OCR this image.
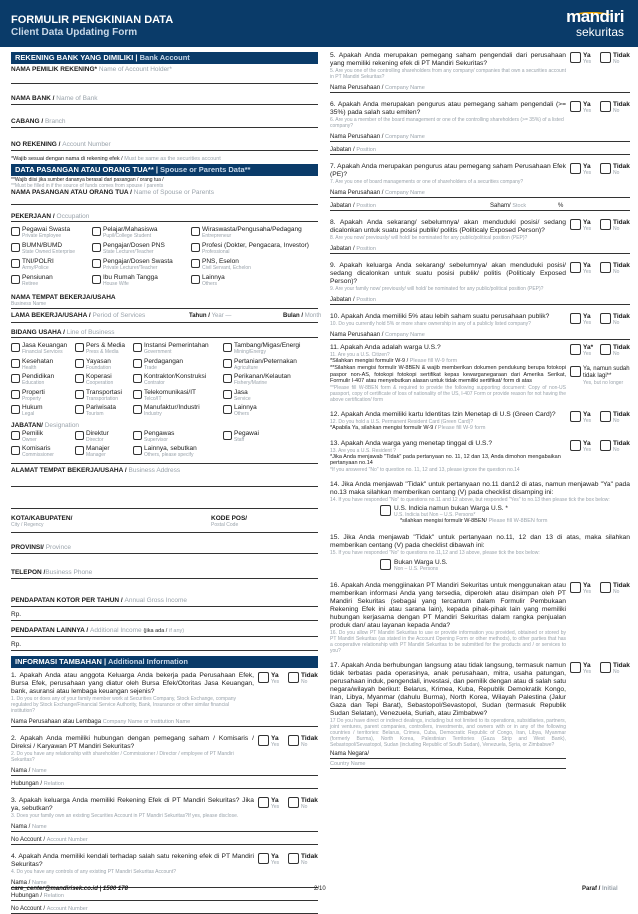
FORMULIR PENGKINIAN DATA
Client Data Updating Form
mandiri
sekuritas
REKENING BANK YANG DIMILIKI | Bank Account
NAMA PEMILIK REKENING* Name of Account Holder*
NAMA BANK / Name of Bank
CABANG / Branch
NO REKENING / Account Number
*Wajib sesuai dengan nama di rekening efek / Must be same as the securities account
DATA PASANGAN ATAU ORANG TUA** | Spouse or Parents Data**
**Wajib diisi jika sumber dananya berasal dari pasangan / orang tua /
**Must be filled in if the source of funds comes from spouse / parents
NAMA PASANGAN ATAU ORANG TUA / Name of Spouse or Parents
PEKERJAAN / Occupation
Pegawai Swasta
Private Employee
BUMN/BUMD
State Owned Enterprise
TNI/POLRI
Army/Police
Pensiunan
Retiree
Pelajar/Mahasiswa
Pupil/College Student
Pengajar/Dosen PNS
State Lecturer/Teacher
Pengajar/Dosen Swasta
Private Lecturer/Teacher
Ibu Rumah Tangga
House Wife
Wiraswasta/Pengusaha/Pedagang
Entrepreneur
Profesi (Dokter, Pengacara, Investor)
Professional
PNS, Eselon
Civil Servant, Echelon
Lainnya
Others
NAMA TEMPAT BEKERJA/USAHA
Business Name
LAMA BEKERJA/USAHA / Period of Services	Tahun / Year —	Bulan / Month
BIDANG USAHA / Line of Business
Jasa Keuangan
Financial Services
Kesehatan
Health
Pendidikan
Education
Properti
Property
Hukum
Legal
Pers & Media
Press & Media
Yayasan
Foundation
Koperasi
Cooperation
Transportasi
Transportation
Pariwisata
Tourism
Instansi Pemerintahan
Government
Perdagangan
Trade
Kontraktor/Konstruksi
Contrator
Telekomunikasi/IT
Telco/IT
Manufaktur/Industri
Industry
Tambang/Migas/Energi
Mining/Energy
Pertanian/Peternakan
Agriculture
Perikanan/Kelautan
Fishery/Marine
Jasa
Service
Lainnya
Others
JABATAN/ Designation
Pemilik
Owner
Komisaris
Commissioner
Direktur
Director
Manajer
Manager
Pengawas
Supervisor
Lainnya, sebutkan
Others, please specify
Pegawai
Staff
ALAMAT TEMPAT BEKERJA/USAHA / Business Address
KOTA/KABUPATEN/
City / Regency
KODE POS/
Postal Code
PROVINSI/ Province
TELEPON /Business Phone
PENDAPATAN KOTOR PER TAHUN / Annual Gross Income
Rp.
PENDAPATAN LAINNYA / Additional Income (jika ada / if any)
Rp.
INFORMASI TAMBAHAN | Additional Information
1. Apakah Anda atau anggota Keluarga Anda bekerja pada Perusahaan Efek, Bursa Efek, perusahaan yang diatur oleh Bursa Efek/Otoritas Jasa Keuangan, bank, asuransi atau lembaga keuangan sejenis?
1. Do you or does any of your family member work at Securities Company, Stock Exchange, company regulated by Stock Exchange/Financial Service Authority, Bank, Insurance or other similar financial institution?
Ya
Yes
Tidak
No
Nama Perusahaan atau Lembaga Company Name or Institution Name
2. Apakah Anda memiliki hubungan dengan pemegang saham / Komisaris / Direksi / Karyawan PT Mandiri Sekuritas?
2. Do you have any relationship with shareholder / Commissioner / Director / employee of PT Mandiri Sekuritas?
Ya
Yes
Tidak
No
Nama / Name
Hubungan / Relation
3. Apakah keluarga Anda memiliki Rekening Efek di PT Mandiri Sekuritas? Jika ya, sebutkan?
3. Does your family own an existing Securities Account in PT Mandiri Sekuritas?If yes, please disclose.
Ya
Yes
Tidak
No
Nama / Name
No Account / Account Number
4. Apakah Anda memiliki kendali terhadap salah satu rekening efek di PT Mandiri Sekuritas?
4. Do you have any controls of any existing PT Mandiri Sekuritas Account?
Ya
Yes
Tidak
No
Nama / Name
Hubungan / Relation
No Account / Account Number
5. Apakah Anda merupakan pemegang saham pengendali dari perusahaan yang memiliki rekening efek di PT Mandiri Sekuritas?
5. Are you one of the controlling shareholders from any company/ companies that own a securities account in PT Mandiri Sekuritas?
Ya
Yes
Tidak
No
Nama Perusahaan / Company Name
6. Apakah Anda merupakan pengurus atau pemegang saham pengendali (>= 35%) pada salah satu emiten?
6. Are you a member of the board management or one of the controlling shareholders (>= 35%) of a listed company?
Ya
Yes
Tidak
No
Nama Perusahaan / Company Name
Jabatan / Position
7. Apakah Anda merupakan pengurus atau pemegang saham Perusahaan Efek (PE)?
7. Are you one of board managements or one of shareholders of a securities company?
Ya
Yes
Tidak
No
Nama Perusahaan / Company Name
Jabatan / Position	Saham/ Stock	%
8. Apakah Anda sekarang/ sebelumnya/ akan menduduki posisi/ sedang dicalonkan untuk suatu posisi publik/ politis (Politicaly Exposed Person)?
8. Are you now/ previously/ will hold/ be nominated for any public/political position (PEP)?
Ya
Yes
Tidak
No
Jabatan / Position
9. Apakah keluarga Anda sekarang/ sebelumnya/ akan menduduki posisi/ sedang dicalonkan untuk suatu posisi publik/ politis (Politicaly Exposed Person)?
9. Are your family now/ previously/ will hold/ be nominated for any public/political position (PEP)?
Ya
Yes
Tidak
No
Jabatan / Position
10. Apakah Anda memiliki 5% atau lebih saham suatu perusahaan publik?
10. Do you currently hold 5% or more share ownership in any of a publicly listed company?
Ya
Yes
Tidak
No
Nama Perusahaan / Company Name
11. Apakah Anda adalah warga U.S.?
11. Are you a U.S. Citizen?
*Silahkan mengisi formulir W-9 / Please fill W-9 form
**Silahkan mengisi formulir W-8BEN & wajib memberikan dokumen pendukung berupa fotokopi paspor non-AS, fotokopi fotokopi sertifikat kepas kewarganegaraan dari Amerika Serikat, Formulir I-407 atau menyebutkan alasan untuk tidak memiliki sertifikat/ form di atas
**Please fill W-8BEN form & required to provide the following supporting document: Copy of non-US passport, copy of certificate of loss of nationality of the US, I-407 Form or provide reason for not having the above certification/ form
Ya*
Yes
Tidak
No
Ya, namun sudah tidak lagi**
Yes, but no longer
12. Apakah Anda memiliki kartu Identitas Izin Menetap di U.S (Green Card)?
12. Do you hold a U.S. Permanent Resident Card (Green Card)?
*Apabila Ya, silahkan mengisi formulir W-9 / Please fill W-9 form
Ya
Yes
Tidak
No
13. Apakah Anda warga yang menetap tinggal di U.S.?
13. Are you a U.S. Resident ?
*Jika Anda menjawab "Tidak" pada pertanyaan no. 11, 12 dan 13, Anda dimohon mengabaikan pertanyaan no.14
*If you answered "No" to question no. 11, 12 and 13, please ignore the question no.14
Ya
Yes
Tidak
No
14. Jika Anda menjawab "Tidak" untuk pertanyaan no.11 dan12 di atas, namun menjawab "Ya" pada no.13 maka silahkan memberikan centang (V) pada checklist disamping ini:
14. If you have responded "No" to questions no.11 and 12 above, but responded "Yes" to no.13 then please tick the box below:
U.S. Indicia namun bukan Warga U.S. *
U.S. Indicia but Non – U.S. Persons*
*silahkan mengisi formulir W-8BEN/ Please fill W-8BEN form
15. Jika Anda menjawab "Tidak" untuk pertanyaan no.11, 12 dan 13 di atas, maka silahkan memberikan centang (V) pada checklist dibawah ini:
15. If you have responded "No" to questions no.11,12 and 13 above, please tick the box below:
Bukan Warga U.S.
Non – U.S. Persons
16. Apakah Anda menggiinakan PT Mandiri Sekuritas untuk menggunakan atau memberikan informasi Anda yang tersedia, diperoleh atau disimpan oleh PT Mandiri Sekuritas (sebagai yang tercantum dalam Formulir Pembukaan Rekening Efek ini atau sarana lain), kepada pihak-pihak lain yang memiliki hubungan kerjasama dengan PT Mandiri Sekuritas dalam rangka penjualan produk dan/ atau layanan kepada Anda?
16. Do you allow PT Mandiri Sekuritas to use or provide information you provided, obtained or stored by PT Mandiri Sekuritas (as stated in the Account Opening Form or other methods), to other parties that has a cooperative relationship with PT Mandiri Sekuritas to be submitted for the products and / or services to you?
Ya
Yes
Tidak
No
17. Apakah Anda berhubungan langsung atau tidak langsung, termasuk namun tidak terbatas pada operasinya, anak perusahaan, mitra, usaha patungan, perusahaan induk, pengendali, investasi, dan pemilik dengan atau di salah satu negara/wilayah berikut: Belarus, Krimea, Kuba, Republik Demokratik Kongo, Iran, Libya, Myanmar (dahulu Burma), North Korea, Wilayah Palestina (Jalur Gaza dan Tepi Barat), Sebastopol/Sevastopol, Sudan (termasuk Republik Sudan Selatan), Venezuela, Suriah, atau Zimbabwe?
17 Do you have direct or indirect dealings, including but not limited to its operations, subsidiaries, partners, joint ventures, parent companies, controllers, investments, and owners with or in any of the following countries / territories: Belarus, Crimea, Cuba, Democratic Republic of Congo, Iran, Libya, Myanmar (formerly Burma), North Korea, Palestinian Territories (Gaza Strip and West Bank), Sebastopol/Sevastopol, Sudan (including Republic of South Sudan), Venezuela, Syria, or Zimbabwe?
Ya
Yes
Tidak
No
Nama Negara/
Country Name
care_center@mandirisek.co.id | 1500 178	2/10	Paraf / Initial
